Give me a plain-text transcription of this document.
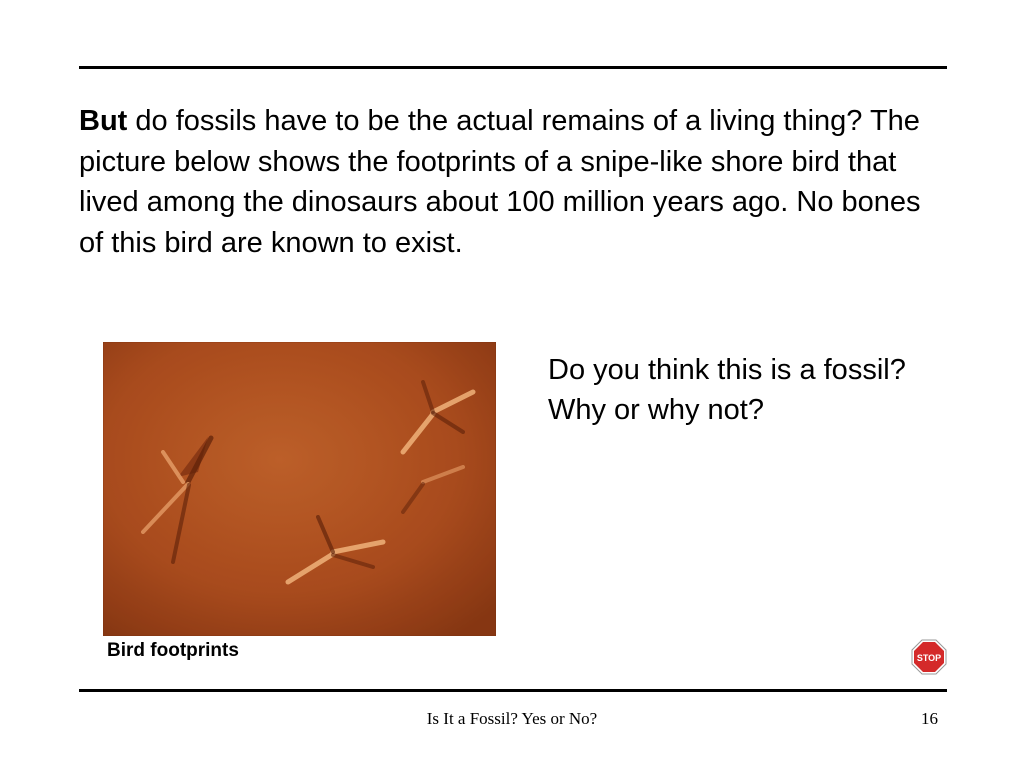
But do fossils have to be the actual remains of a living thing? The picture below shows the footprints of a snipe-like shore bird that lived among the dinosaurs about 100 million years ago. No bones of this bird are known to exist.

Bird footprints

Do you think this is a fossil? Why or why not?

STOP
Is It a Fossil? Yes or No?	16
